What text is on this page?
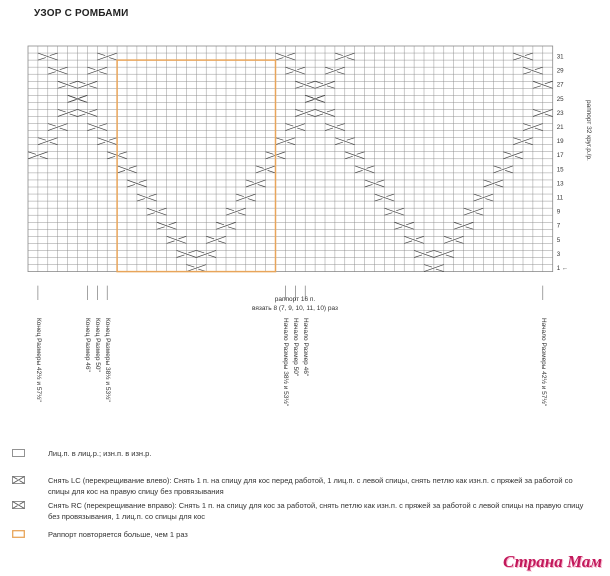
УЗОР С РОМБАМИ
1 ←
3
5
7
9
11
13
15
17
19
21
23
25
27
29
31
раппорт 32 круг.р./р.
раппорт 16 п.
вязать 8 (7, 9, 10, 11, 10) раз
Конец Размеры 42½ и 57½"	Конец Размер 46" Конец Размер 50" Конец Размеры 38½ и 53½"	Начало Размеры 38½ и 53½" Начало Размер 50" Начало Размер 46"	Начало Размеры 42½ и 57½"
Лиц.п. в лиц.р.; изн.п. в изн.р.
Снять LC (перекрещивание влево): Снять 1 п. на спицу для кос перед работой, 1 лиц.п. с левой спицы, снять петлю как изн.п. с пряжей за работой со спицы для кос на правую спицу без провязывания
Снять RC (перекрещивание вправо): Снять 1 п. на спицу для кос за работой, снять петлю как изн.п. с пряжей за работой с левой спицы на правую спицу без провязывания, 1 лиц.п. со спицы для кос
Раппорт повторяется больше, чем 1 раз
Страна Мам
